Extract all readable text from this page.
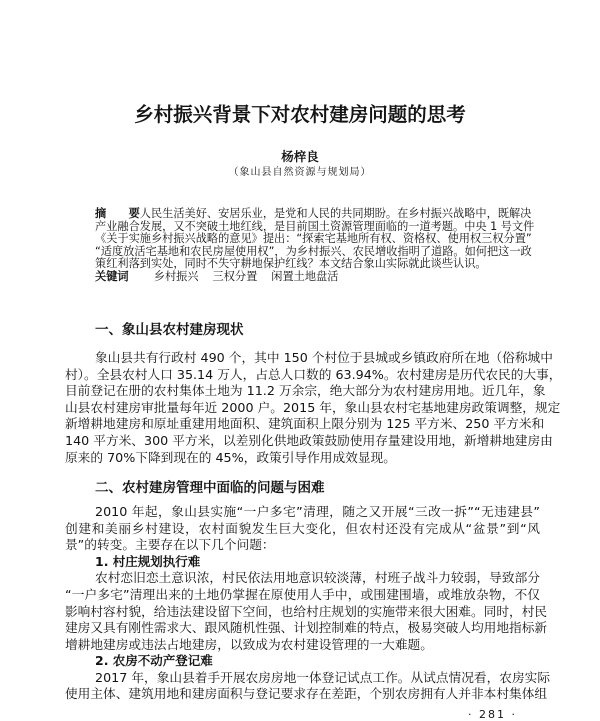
乡村振兴背景下对农村建房问题的思考
杨梓良
（象山县自然资源与规划局）
摘　要　
人民生活美好、安居乐业，是党和人民的共同期盼。在乡村振兴战略中，既解决
产业融合发展，又不突破土地红线，是目前国土资源管理面临的一道考题。中央 1 号文件
《关于实施乡村振兴战略的意见》提出：“探索宅基地所有权、资格权、使用权三权分置”
“适度放活宅基地和农民房屋使用权”，为乡村振兴、农民增收指明了道路。如何把这一政
策红利落到实处，同时不失守耕地保护红线？本文结合象山实际就此谈些认识。
关键词　乡村振兴 三权分置 闲置土地盘活
一、象山县农村建房现状
象山县共有行政村 490 个，其中 150 个村位于县城或乡镇政府所在地（俗称城中
村）。全县农村人口 35.14 万人，占总人口数的 63.94%。农村建房是历代农民的大事，
目前登记在册的农村集体土地为 11.2 万余宗，绝大部分为农村建房用地。近几年，象
山县农村建房审批量每年近 2000 户。2015 年，象山县农村宅基地建房政策调整，规定
新增耕地建房和原址重建用地面积、建筑面积上限分别为 125 平方米、250 平方米和
140 平方米、300 平方米，以差别化供地政策鼓励使用存量建设用地，新增耕地建房由
原来的 70%下降到现在的 45%，政策引导作用成效显现。
二、农村建房管理中面临的问题与困难
2010 年起，象山县实施“一户多宅”清理，随之又开展“三改一拆”“无违建县”
创建和美丽乡村建设，农村面貌发生巨大变化，但农村还没有完成从“盆景”到“风
景”的转变。主要存在以下几个问题：
1. 村庄规划执行难
农村恋旧恋土意识浓，村民依法用地意识较淡薄，村班子战斗力较弱，导致部分
“一户多宅”清理出来的土地仍掌握在原使用人手中，或围建围墙，或堆放杂物，不仅
影响村容村貌，给违法建设留下空间，也给村庄规划的实施带来很大困难。同时，村民
建房又具有刚性需求大、跟风随机性强、计划控制难的特点，极易突破人均用地指标新
增耕地建房或违法占地建房，以致成为农村建设管理的一大难题。
2. 农房不动产登记难
2017 年，象山县着手开展农房房地一体登记试点工作。从试点情况看，农房实际
使用主体、建筑用地和建房面积与登记要求存在差距，个别农房拥有人并非本村集体组
· 281 ·
